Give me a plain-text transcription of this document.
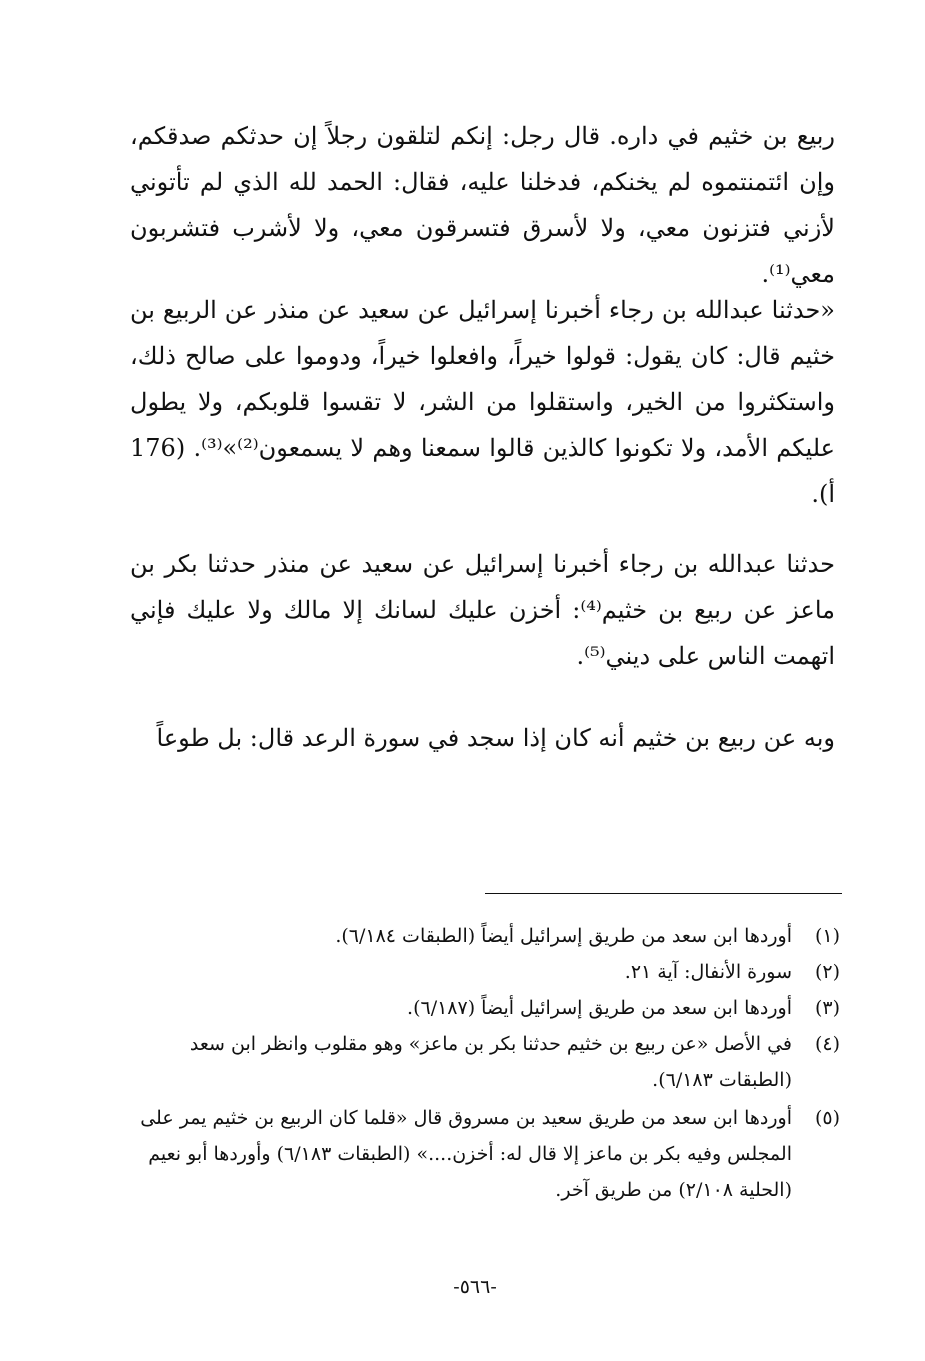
ربيع بن خثيم في داره. قال رجل: إنكم لتلقون رجلاً إن حدثكم صدقكم، وإن ائتمنتموه لم يخنكم، فدخلنا عليه، فقال: الحمد لله الذي لم تأتوني لأزني فتزنون معي، ولا لأسرق فتسرقون معي، ولا لأشرب فتشربون معي⁽¹⁾.

«حدثنا عبدالله بن رجاء أخبرنا إسرائيل عن سعيد عن منذر عن الربيع بن خثيم قال: كان يقول: قولوا خيراً، وافعلوا خيراً، ودوموا على صالح ذلك، واستكثروا من الخير، واستقلوا من الشر، لا تقسوا قلوبكم، ولا يطول عليكم الأمد، ولا تكونوا كالذين قالوا سمعنا وهم لا يسمعون⁽²⁾»⁽³⁾. (176 أ).

حدثنا عبدالله بن رجاء أخبرنا إسرائيل عن سعيد عن منذر حدثنا بكر بن ماعز عن ربيع بن خثيم⁽⁴⁾: أخزن عليك لسانك إلا مالك ولا عليك فإني اتهمت الناس على ديني⁽⁵⁾.

وبه عن ربيع بن خثيم أنه كان إذا سجد في سورة الرعد قال: بل طوعاً

(١)
أوردها ابن سعد من طريق إسرائيل أيضاً (الطبقات ٦/١٨٤).
(٢)
سورة الأنفال: آية ٢١.
(٣)
أوردها ابن سعد من طريق إسرائيل أيضاً (٦/١٨٧).
(٤)
في الأصل «عن ربيع بن خثيم حدثنا بكر بن ماعز» وهو مقلوب وانظر ابن سعد (الطبقات ٦/١٨٣).
(٥)
أوردها ابن سعد من طريق سعيد بن مسروق قال «قلما كان الربيع بن خثيم يمر على المجلس وفيه بكر بن ماعز إلا قال له: أخزن....» (الطبقات ٦/١٨٣) وأوردها أبو نعيم (الحلية ٢/١٠٨) من طريق آخر.
-٥٦٦-
